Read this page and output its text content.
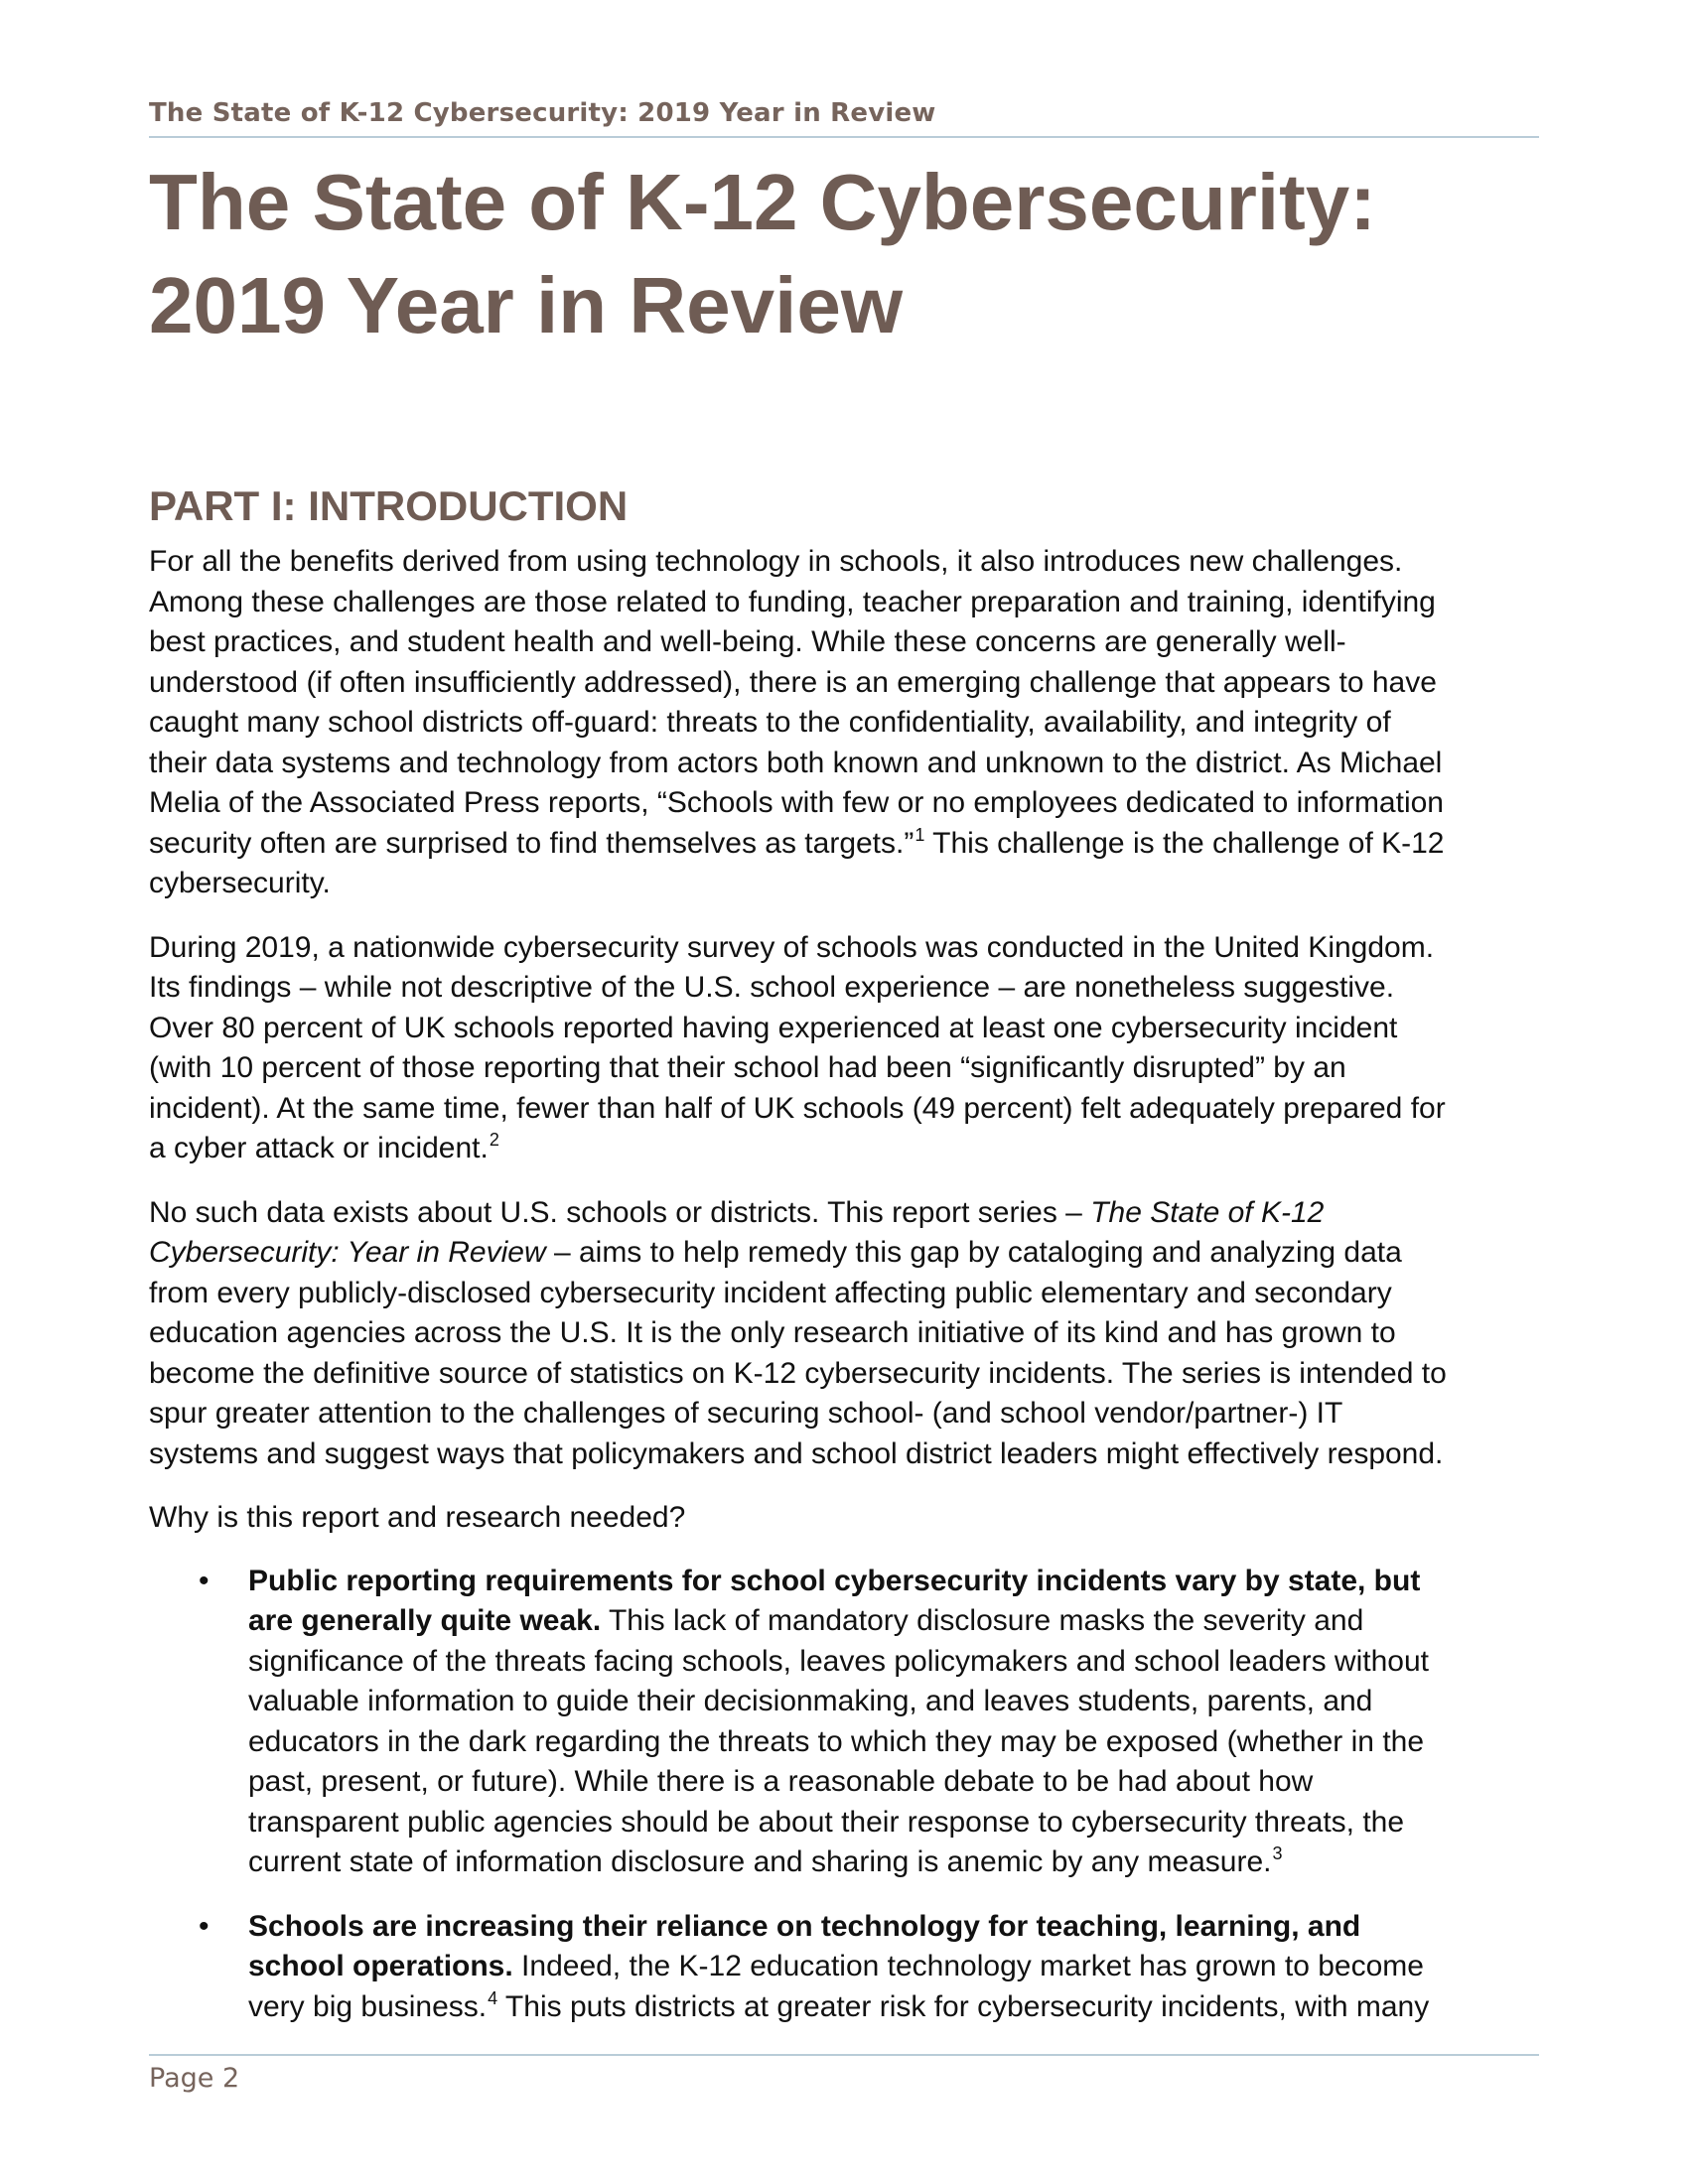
The State of K-12 Cybersecurity: 2019 Year in Review
The State of K-12 Cybersecurity:
2019 Year in Review
PART I: INTRODUCTION

For all the benefits derived from using technology in schools, it also introduces new challenges.

Among these challenges are those related to funding, teacher preparation and training, identifying

best practices, and student health and well-being. While these concerns are generally well-

understood (if often insufficiently addressed), there is an emerging challenge that appears to have

caught many school districts off-guard: threats to the confidentiality, availability, and integrity of

their data systems and technology from actors both known and unknown to the district. As Michael

Melia of the Associated Press reports, “Schools with few or no employees dedicated to information

security often are surprised to find themselves as targets.”$^1$ This challenge is the challenge of K-12

cybersecurity.

During 2019, a nationwide cybersecurity survey of schools was conducted in the United Kingdom.

Its findings – while not descriptive of the U.S. school experience – are nonetheless suggestive.

Over 80 percent of UK schools reported having experienced at least one cybersecurity incident

(with 10 percent of those reporting that their school had been “significantly disrupted” by an

incident). At the same time, fewer than half of UK schools (49 percent) felt adequately prepared for

a cyber attack or incident.$^2$

No such data exists about U.S. schools or districts. This report series – The State of K-12

Cybersecurity: Year in Review – aims to help remedy this gap by cataloging and analyzing data

from every publicly-disclosed cybersecurity incident affecting public elementary and secondary

education agencies across the U.S. It is the only research initiative of its kind and has grown to

become the definitive source of statistics on K-12 cybersecurity incidents. The series is intended to

spur greater attention to the challenges of securing school- (and school vendor/partner-) IT

systems and suggest ways that policymakers and school district leaders might effectively respond.

Why is this report and research needed?

• Public reporting requirements for school cybersecurity incidents vary by state, but

are generally quite weak. This lack of mandatory disclosure masks the severity and

significance of the threats facing schools, leaves policymakers and school leaders without

valuable information to guide their decisionmaking, and leaves students, parents, and

educators in the dark regarding the threats to which they may be exposed (whether in the

past, present, or future). While there is a reasonable debate to be had about how

transparent public agencies should be about their response to cybersecurity threats, the

current state of information disclosure and sharing is anemic by any measure.$^3$

• Schools are increasing their reliance on technology for teaching, learning, and

school operations. Indeed, the K-12 education technology market has grown to become

very big business.$^4$ This puts districts at greater risk for cybersecurity incidents, with many

Page 2
